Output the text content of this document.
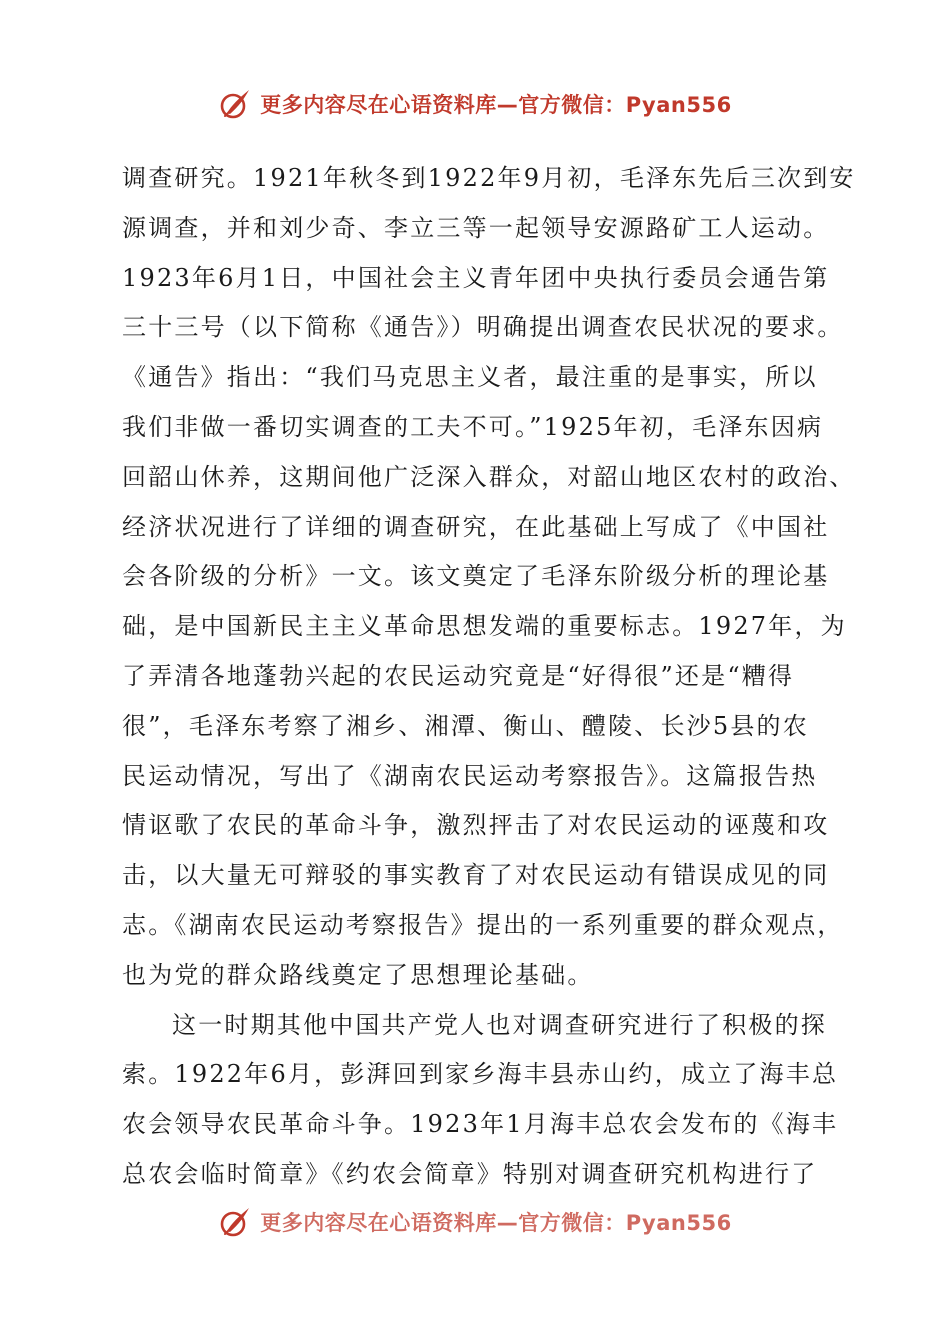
更多内容尽在心语资料库—官方微信：Pyan556
调查研究。1921年秋冬到1922年9月初，毛泽东先后三次到安
源调查，并和刘少奇、李立三等一起领导安源路矿工人运动。
1923年6月1日，中国社会主义青年团中央执行委员会通告第
三十三号（以下简称《通告》）明确提出调查农民状况的要求。
《通告》指出：“我们马克思主义者，最注重的是事实，所以
我们非做一番切实调查的工夫不可。”1925年初，毛泽东因病
回韶山休养，这期间他广泛深入群众，对韶山地区农村的政治、
经济状况进行了详细的调查研究，在此基础上写成了《中国社
会各阶级的分析》一文。该文奠定了毛泽东阶级分析的理论基
础，是中国新民主主义革命思想发端的重要标志。1927年，为
了弄清各地蓬勃兴起的农民运动究竟是“好得很”还是“糟得
很”，毛泽东考察了湘乡、湘潭、衡山、醴陵、长沙5县的农
民运动情况，写出了《湖南农民运动考察报告》。这篇报告热
情讴歌了农民的革命斗争，激烈抨击了对农民运动的诬蔑和攻
击，以大量无可辩驳的事实教育了对农民运动有错误成见的同
志。《湖南农民运动考察报告》提出的一系列重要的群众观点，
也为党的群众路线奠定了思想理论基础。
这一时期其他中国共产党人也对调查研究进行了积极的探
索。1922年6月，彭湃回到家乡海丰县赤山约，成立了海丰总
农会领导农民革命斗争。1923年1月海丰总农会发布的《海丰
总农会临时简章》《约农会简章》特别对调查研究机构进行了
更多内容尽在心语资料库—官方微信：Pyan556
